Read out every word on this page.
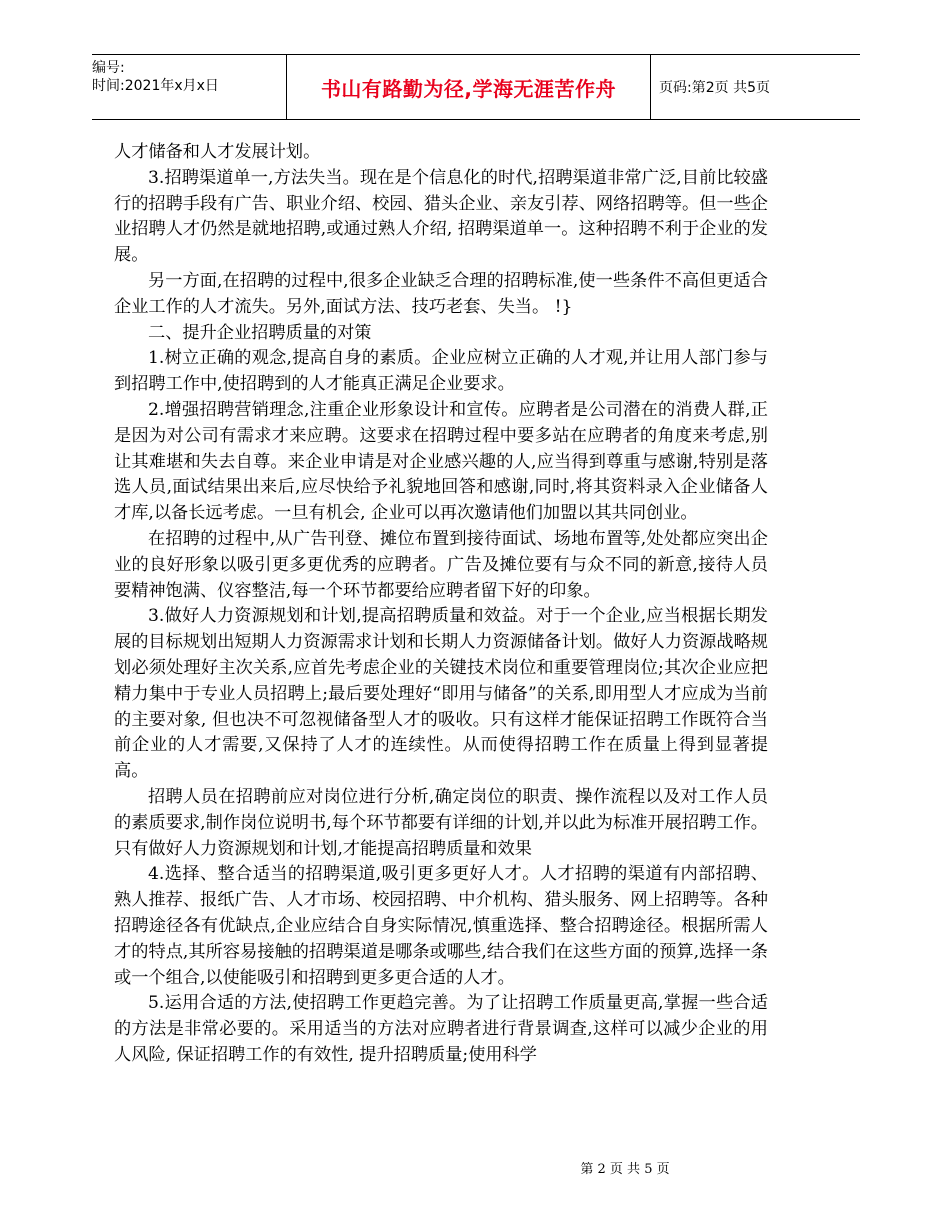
编号:
时间:2021年x月x日	书山有路勤为径,学海无涯苦作舟	页码:第2页 共5页

人才储备和人才发展计划。

3.招聘渠道单一,方法失当。现在是个信息化的时代,招聘渠道非常广泛,目前比较盛行的招聘手段有广告、职业介绍、校园、猎头企业、亲友引荐、网络招聘等。但一些企业招聘人才仍然是就地招聘,或通过熟人介绍, 招聘渠道单一。这种招聘不利于企业的发展。

另一方面,在招聘的过程中,很多企业缺乏合理的招聘标准,使一些条件不高但更适合企业工作的人才流失。另外,面试方法、技巧老套、失当。 !}

二、提升企业招聘质量的对策

1.树立正确的观念,提高自身的素质。企业应树立正确的人才观,并让用人部门参与到招聘工作中,使招聘到的人才能真正满足企业要求。

2.增强招聘营销理念,注重企业形象设计和宣传。应聘者是公司潜在的消费人群,正是因为对公司有需求才来应聘。这要求在招聘过程中要多站在应聘者的角度来考虑,别让其难堪和失去自尊。来企业申请是对企业感兴趣的人,应当得到尊重与感谢,特别是落选人员,面试结果出来后,应尽快给予礼貌地回答和感谢,同时,将其资料录入企业储备人才库,以备长远考虑。一旦有机会, 企业可以再次邀请他们加盟以其共同创业。

在招聘的过程中,从广告刊登、摊位布置到接待面试、场地布置等,处处都应突出企业的良好形象以吸引更多更优秀的应聘者。广告及摊位要有与众不同的新意,接待人员要精神饱满、仪容整洁,每一个环节都要给应聘者留下好的印象。

3.做好人力资源规划和计划,提高招聘质量和效益。对于一个企业,应当根据长期发展的目标规划出短期人力资源需求计划和长期人力资源储备计划。做好人力资源战略规划必须处理好主次关系,应首先考虑企业的关键技术岗位和重要管理岗位;其次企业应把精力集中于专业人员招聘上;最后要处理好“即用与储备”的关系,即用型人才应成为当前的主要对象, 但也决不可忽视储备型人才的吸收。只有这样才能保证招聘工作既符合当前企业的人才需要,又保持了人才的连续性。从而使得招聘工作在质量上得到显著提高。

招聘人员在招聘前应对岗位进行分析,确定岗位的职责、操作流程以及对工作人员的素质要求,制作岗位说明书,每个环节都要有详细的计划,并以此为标准开展招聘工作。只有做好人力资源规划和计划,才能提高招聘质量和效果

4.选择、整合适当的招聘渠道,吸引更多更好人才。人才招聘的渠道有内部招聘、熟人推荐、报纸广告、人才市场、校园招聘、中介机构、猎头服务、网上招聘等。各种招聘途径各有优缺点,企业应结合自身实际情况,慎重选择、整合招聘途径。根据所需人才的特点,其所容易接触的招聘渠道是哪条或哪些,结合我们在这些方面的预算,选择一条或一个组合,以使能吸引和招聘到更多更合适的人才。

5.运用合适的方法,使招聘工作更趋完善。为了让招聘工作质量更高,掌握一些合适的方法是非常必要的。采用适当的方法对应聘者进行背景调查,这样可以减少企业的用人风险, 保证招聘工作的有效性, 提升招聘质量;使用科学

第 2 页 共 5 页
